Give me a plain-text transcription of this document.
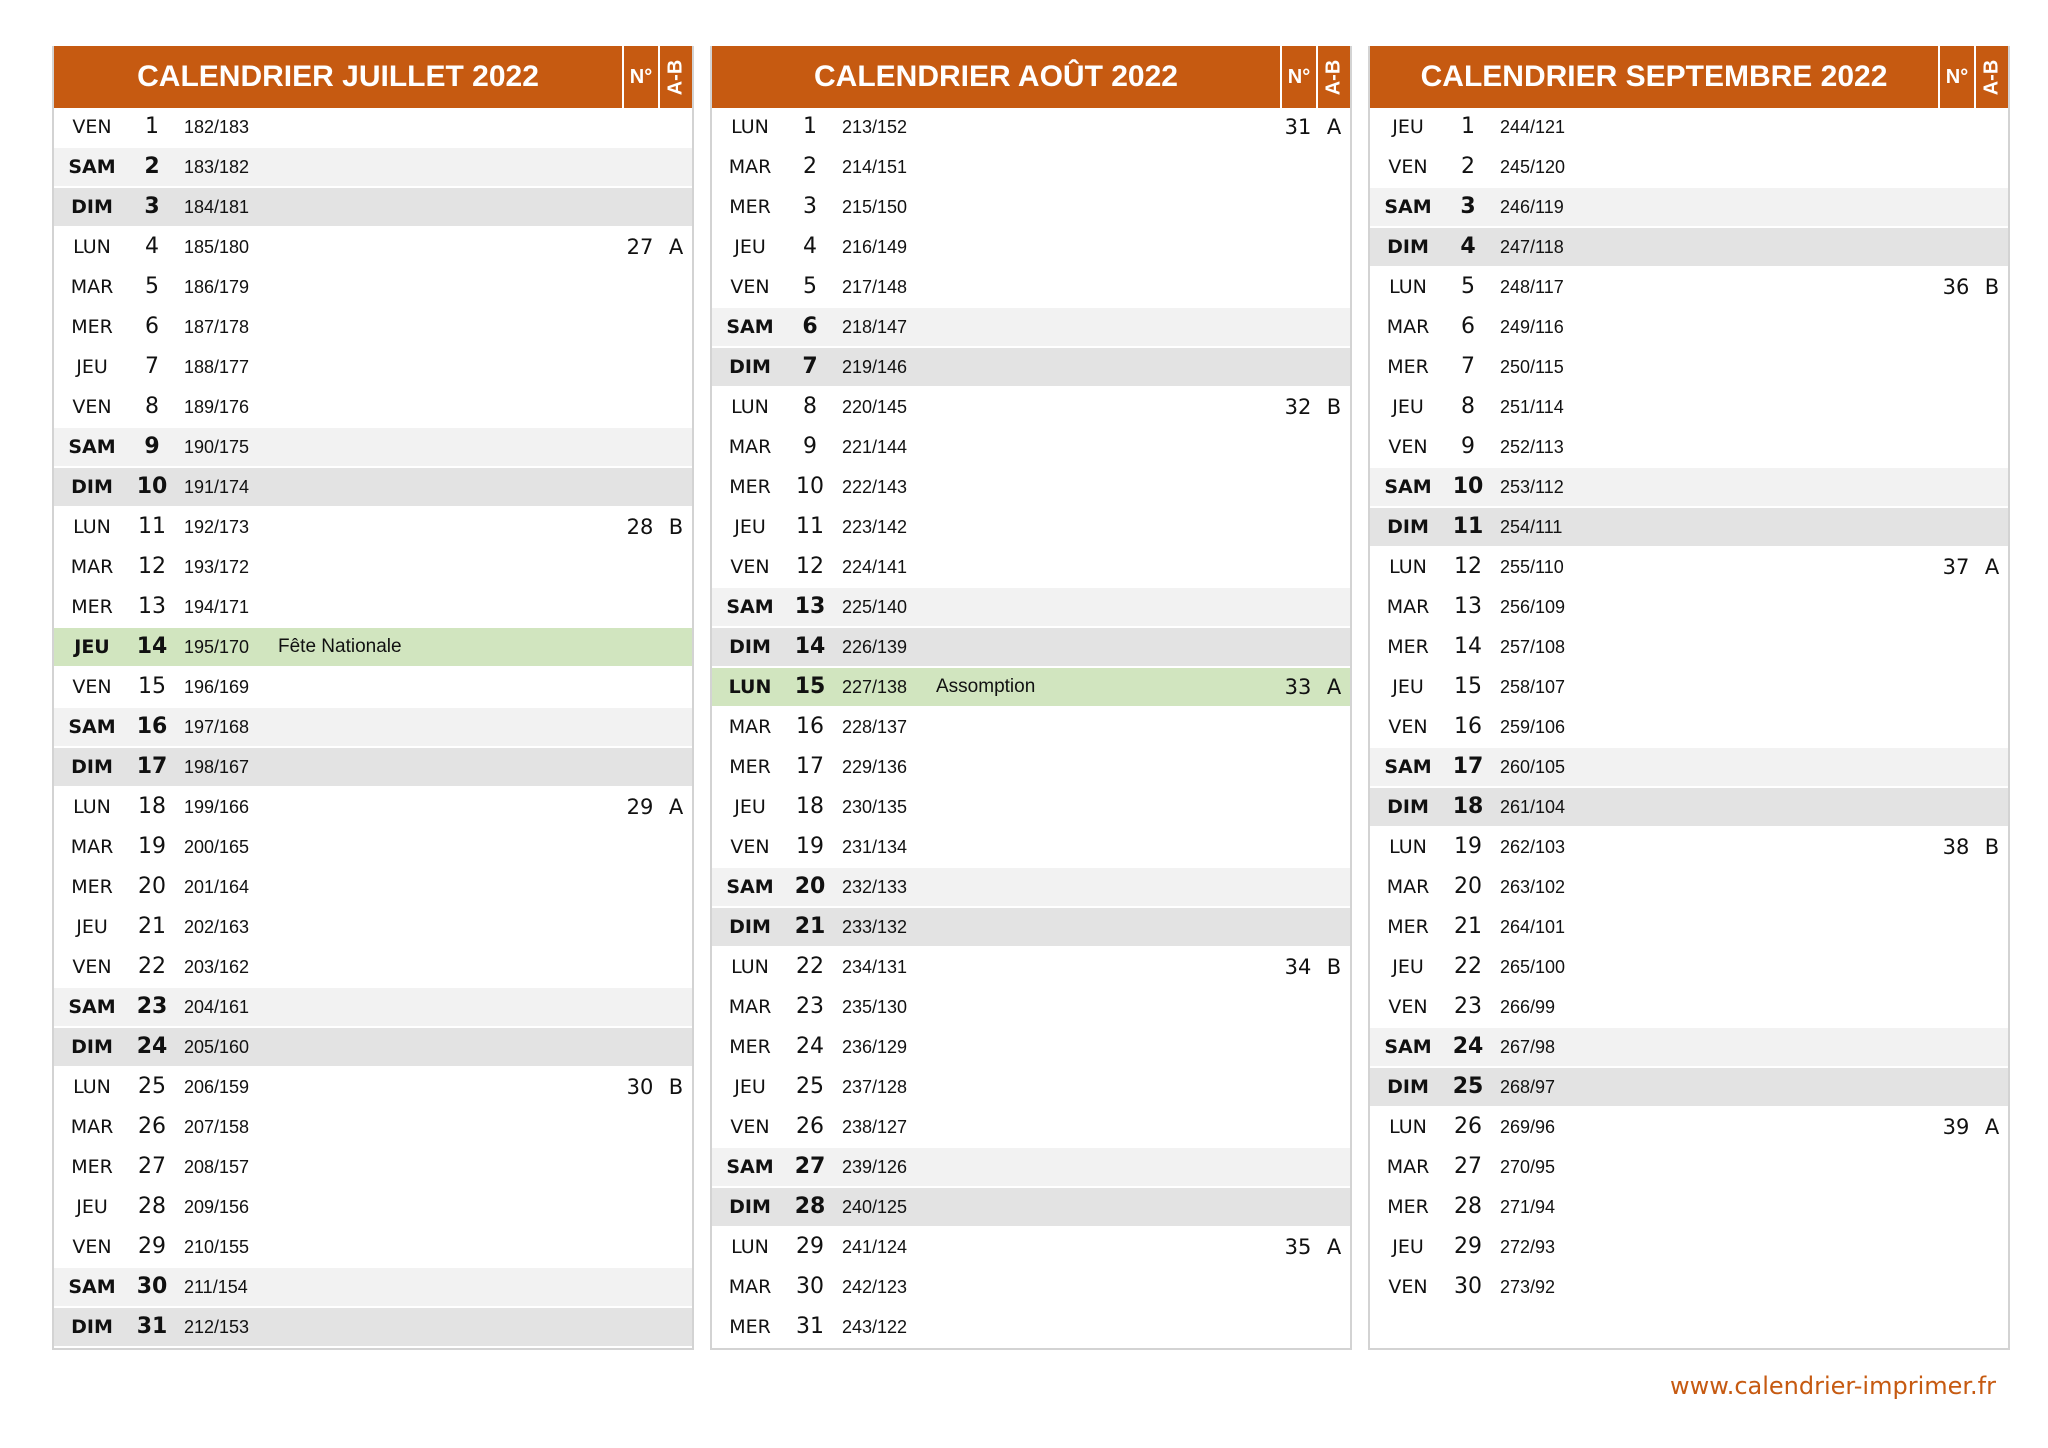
CALENDRIER JUILLET 2022	N° A-B
VEN	1	182/183
SAM	2	183/182
DIM	3	184/181
LUN	4	185/180	27 A
MAR	5	186/179
MER	6	187/178
JEU	7	188/177
VEN	8	189/176
SAM	9	190/175
DIM	10 191/174
LUN	11	192/173	28 B
MAR	12	193/172
MER	13	194/171
JEU	14 195/170 Fête Nationale
VEN	15	196/169
SAM 16 197/168
DIM	17 198/167
LUN	18	199/166	29 A
MAR	19	200/165
MER	20	201/164
JEU	21	202/163
VEN	22	203/162
SAM 23 204/161
DIM	24 205/160
LUN	25	206/159	30 B
MAR	26	207/158
MER	27	208/157
JEU	28	209/156
VEN	29	210/155
SAM 30 211/154
DIM	31 212/153
CALENDRIER AOÛT 2022	N° A-B
LUN	1	213/152	31 A
MAR	2	214/151
MER	3	215/150
JEU	4	216/149
VEN	5	217/148
SAM	6	218/147
DIM	7	219/146
LUN	8	220/145	32 B
MAR	9	221/144
MER	10	222/143
JEU	11	223/142
VEN	12	224/141
SAM 13 225/140
DIM	14 226/139
LUN	15 227/138 Assomption	33 A
MAR	16	228/137
MER	17	229/136
JEU	18	230/135
VEN	19	231/134
SAM 20 232/133
DIM	21 233/132
LUN	22	234/131	34 B
MAR	23	235/130
MER	24	236/129
JEU	25	237/128
VEN	26	238/127
SAM 27 239/126
DIM	28 240/125
LUN	29	241/124	35 A
MAR	30	242/123
MER	31	243/122
CALENDRIER SEPTEMBRE 2022	N° A-B
JEU	1	244/121
VEN	2	245/120
SAM	3	246/119
DIM	4	247/118
LUN	5	248/117	36 B
MAR	6	249/116
MER	7	250/115
JEU	8	251/114
VEN	9	252/113
SAM 10 253/112
DIM	11 254/111
LUN	12	255/110	37 A
MAR	13	256/109
MER	14	257/108
JEU	15	258/107
VEN	16	259/106
SAM 17 260/105
DIM	18 261/104
LUN	19	262/103	38 B
MAR	20	263/102
MER	21	264/101
JEU	22	265/100
VEN	23	266/99
SAM 24 267/98
DIM	25 268/97
LUN	26	269/96	39 A
MAR	27	270/95
MER	28	271/94
JEU	29	272/93
VEN	30	273/92
www.calendrier-imprimer.fr
